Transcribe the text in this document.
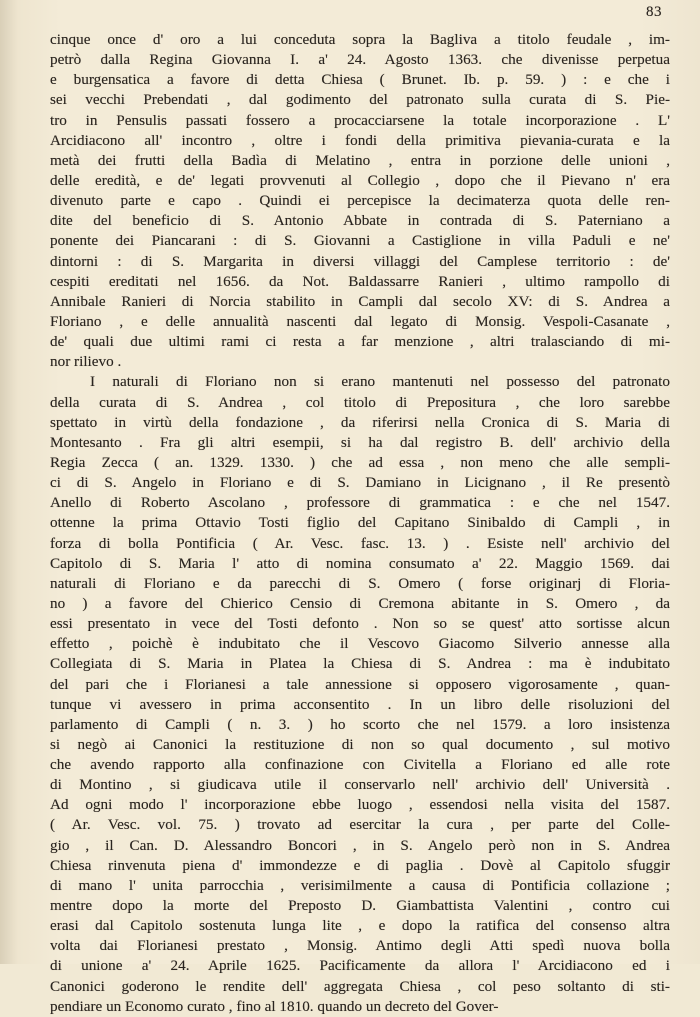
83
cinque once d' oro a lui conceduta sopra la Bagliva a titolo feudale , im-
petrò dalla Regina Giovanna I. a' 24. Agosto 1363. che divenisse perpetua
e burgensatica a favore di detta Chiesa ( Brunet. Ib. p. 59. ) : e che i
sei vecchi Prebendati , dal godimento del patronato sulla curata di S. Pie-
tro in Pensulis passati fossero a procacciarsene la totale incorporazione . L'
Arcidiacono all' incontro , oltre i fondi della primitiva pievania-curata e la
metà dei frutti della Badìa di Melatino , entra in porzione delle unioni ,
delle eredità, e de' legati provvenuti al Collegio , dopo che il Pievano n' era
divenuto parte e capo . Quindi ei percepisce la decimaterza quota delle ren-
dite del beneficio di S. Antonio Abbate in contrada di S. Paterniano a
ponente dei Piancarani : di S. Giovanni a Castiglione in villa Paduli e ne'
dintorni : di S. Margarita in diversi villaggi del Camplese territorio : de'
cespiti ereditati nel 1656. da Not. Baldassarre Ranieri , ultimo rampollo di
Annibale Ranieri di Norcia stabilito in Campli dal secolo XV: di S. Andrea a
Floriano , e delle annualità nascenti dal legato di Monsig. Vespoli-Casanate ,
de' quali due ultimi rami ci resta a far menzione , altri tralasciando di mi-
nor rilievo .
I naturali di Floriano non si erano mantenuti nel possesso del patronato
della curata di S. Andrea , col titolo di Prepositura , che loro sarebbe
spettato in virtù della fondazione , da riferirsi nella Cronica di S. Maria di
Montesanto . Fra gli altri esempii, si ha dal registro B. dell' archivio della
Regia Zecca ( an. 1329. 1330. ) che ad essa , non meno che alle sempli-
ci di S. Angelo in Floriano e di S. Damiano in Licignano , il Re presentò
Anello di Roberto Ascolano , professore di grammatica : e che nel 1547.
ottenne la prima Ottavio Tosti figlio del Capitano Sinibaldo di Campli , in
forza di bolla Pontificia ( Ar. Vesc. fasc. 13. ) . Esiste nell' archivio del
Capitolo di S. Maria l' atto di nomina consumato a' 22. Maggio 1569. dai
naturali di Floriano e da parecchi di S. Omero ( forse originarj di Floria-
no ) a favore del Chierico Censio di Cremona abitante in S. Omero , da
essi presentato in vece del Tosti defonto . Non so se quest' atto sortisse alcun
effetto , poichè è indubitato che il Vescovo Giacomo Silverio annesse alla
Collegiata di S. Maria in Platea la Chiesa di S. Andrea : ma è indubitato
del pari che i Florianesi a tale annessione si opposero vigorosamente , quan-
tunque vi avessero in prima acconsentito . In un libro delle risoluzioni del
parlamento di Campli ( n. 3. ) ho scorto che nel 1579. a loro insistenza
si negò ai Canonici la restituzione di non so qual documento , sul motivo
che avendo rapporto alla confinazione con Civitella a Floriano ed alle rote
di Montino , si giudicava utile il conservarlo nell' archivio dell' Università .
Ad ogni modo l' incorporazione ebbe luogo , essendosi nella visita del 1587.
( Ar. Vesc. vol. 75. ) trovato ad esercitar la cura , per parte del Colle-
gio , il Can. D. Alessandro Boncori , in S. Angelo però non in S. Andrea
Chiesa rinvenuta piena d' immondezze e di paglia . Dovè al Capitolo sfuggir
di mano l' unita parrocchia , verisimilmente a causa di Pontificia collazione ;
mentre dopo la morte del Preposto D. Giambattista Valentini , contro cui
erasi dal Capitolo sostenuta lunga lite , e dopo la ratifica del consenso altra
volta dai Florianesi prestato , Monsig. Antimo degli Atti spedì nuova bolla
di unione a' 24. Aprile 1625. Pacificamente da allora l' Arcidiacono ed i
Canonici goderono le rendite dell' aggregata Chiesa , col peso soltanto di sti-
pendiare un Economo curato , fino al 1810. quando un decreto del Gover-
